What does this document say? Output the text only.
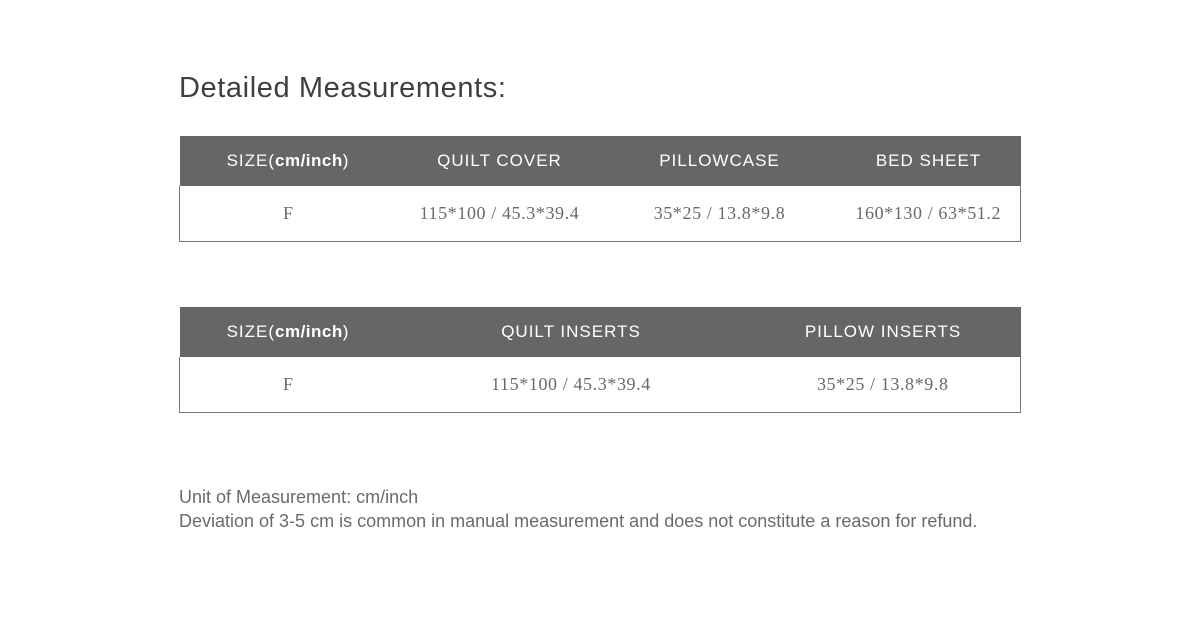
Detailed Measurements:
SIZE(cm/inch)	QUILT COVER	PILLOWCASE	BED SHEET
F	115*100 / 45.3*39.4	35*25 / 13.8*9.8	160*130 / 63*51.2
SIZE(cm/inch)	QUILT INSERTS	PILLOW INSERTS
F	115*100 / 45.3*39.4	35*25 / 13.8*9.8

Unit of Measurement: cm/inch

Deviation of 3-5 cm is common in manual measurement and does not constitute a reason for refund.
